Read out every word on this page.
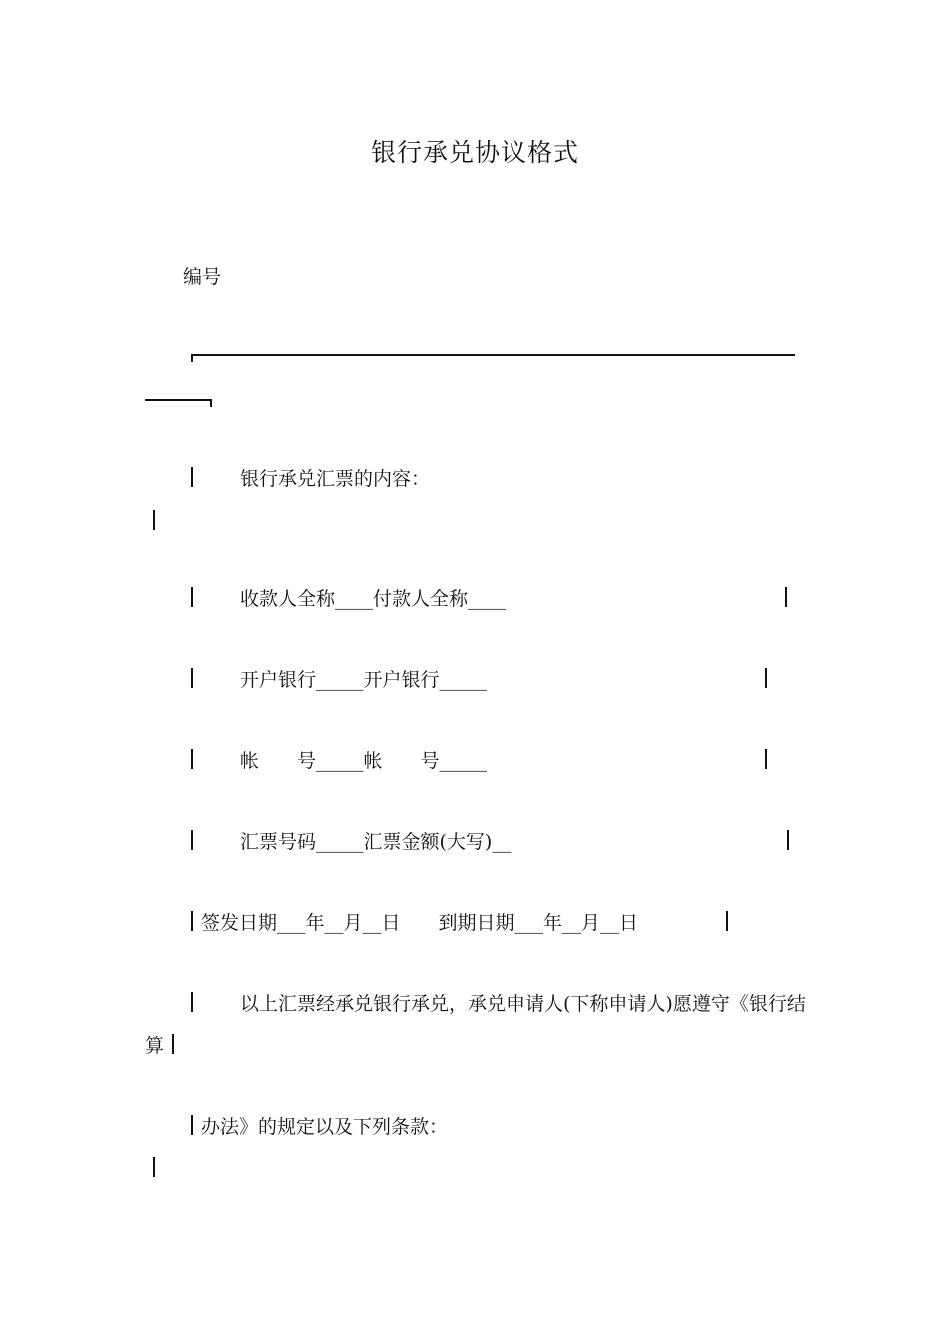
银行承兑协议格式
编号
银行承兑汇票的内容：
收款人全称____付款人全称____
开户银行_____开户银行_____
帐　　号_____帐　　号_____
汇票号码_____汇票金额(大写)__
签发日期___年__月__日　　到期日期___年__月__日
以上汇票经承兑银行承兑，承兑申请人(下称申请人)愿遵守《银行结
算
办法》的规定以及下列条款：
